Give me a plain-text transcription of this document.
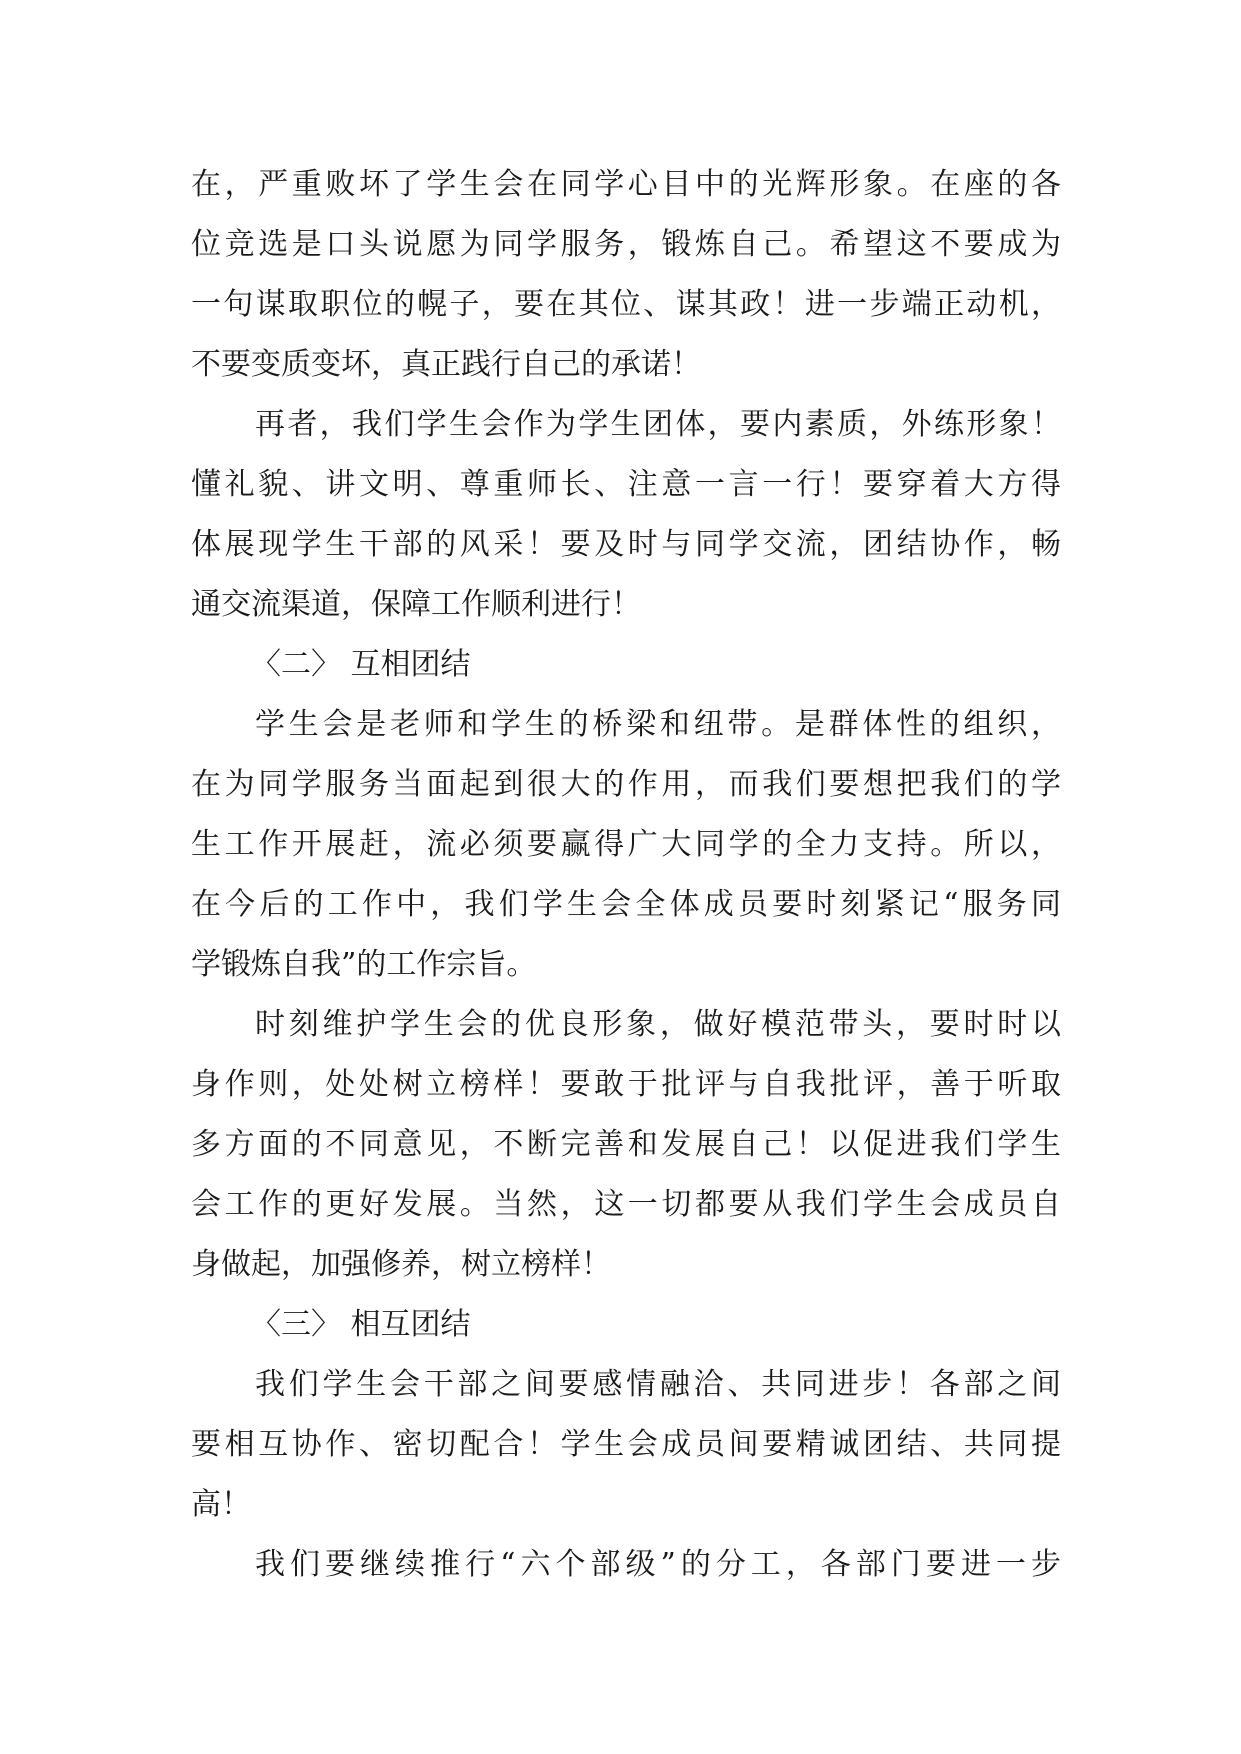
在，严重败坏了学生会在同学心目中的光辉形象。在座的各
位竞选是口头说愿为同学服务，锻炼自己。希望这不要成为
一句谋取职位的幌子，要在其位、谋其政！进一步端正动机，
不要变质变坏，真正践行自己的承诺！
再者，我们学生会作为学生团体，要内素质，外练形象！
懂礼貌、讲文明、尊重师长、注意一言一行！要穿着大方得
体展现学生干部的风采！要及时与同学交流，团结协作，畅
通交流渠道，保障工作顺利进行！
〈二〉 互相团结
学生会是老师和学生的桥梁和纽带。是群体性的组织，
在为同学服务当面起到很大的作用，而我们要想把我们的学
生工作开展赶，流必须要赢得广大同学的全力支持。所以，
在今后的工作中，我们学生会全体成员要时刻紧记“服务同
学锻炼自我”的工作宗旨。
时刻维护学生会的优良形象，做好模范带头，要时时以
身作则，处处树立榜样！要敢于批评与自我批评，善于听取
多方面的不同意见，不断完善和发展自己！以促进我们学生
会工作的更好发展。当然，这一切都要从我们学生会成员自
身做起，加强修养，树立榜样！
〈三〉 相互团结
我们学生会干部之间要感情融洽、共同进步！各部之间
要相互协作、密切配合！学生会成员间要精诚团结、共同提
高！
我们要继续推行“六个部级”的分工，各部门要进一步
